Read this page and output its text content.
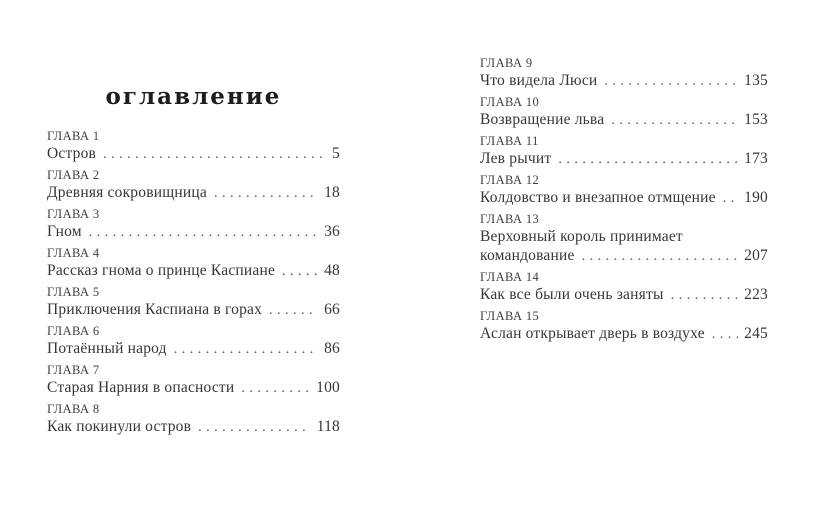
оглавление
ГЛАВА 1
Остров .....	5
ГЛАВА 2
Древняя сокровищница .....	18
ГЛАВА 3
Гном .....	36
ГЛАВА 4
Рассказ гнома о принце Каспиане .....	48
ГЛАВА 5
Приключения Каспиана в горах .....	66
ГЛАВА 6
Потаённый народ .....	86
ГЛАВА 7
Старая Нарния в опасности .....	100
ГЛАВА 8
Как покинули остров .....	118
ГЛАВА 9
Что видела Люси .....	135
ГЛАВА 10
Возвращение льва .....	153
ГЛАВА 11
Лев рычит .....	173
ГЛАВА 12
Колдовство и внезапное отмщение ..... 190
ГЛАВА 13
Верховный король принимает
командование .....	207
ГЛАВА 14
Как все были очень заняты .....	223
ГЛАВА 15
Аслан открывает дверь в воздухе .....	245
